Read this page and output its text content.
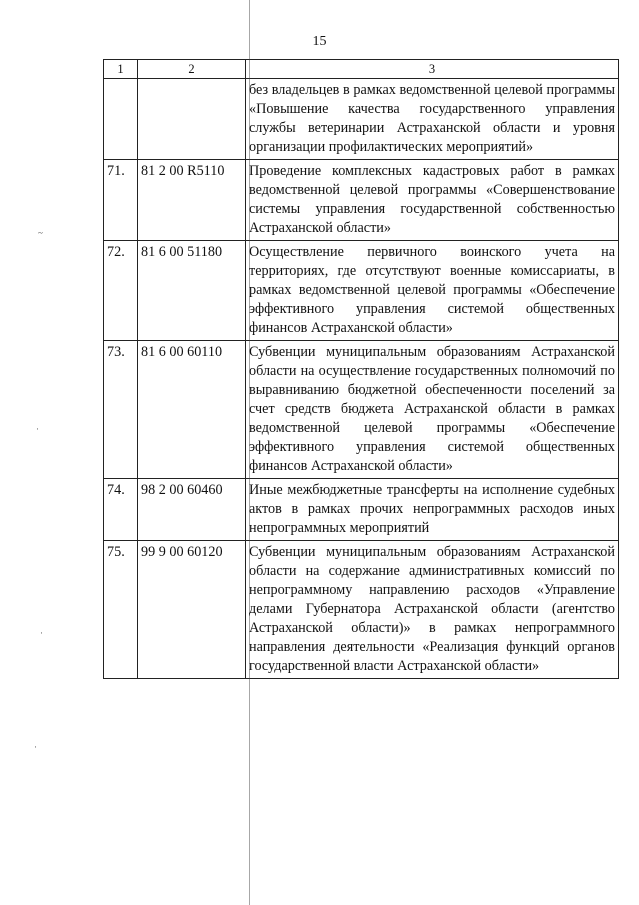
15
1	2	3
		без владельцев в рамках ведомственной целевой программы «Повышение качества государственного управления службы ветеринарии Астраханской области и уровня организации профилактических мероприятий»
71.	81 2 00 R5110	Проведение комплексных кадастровых работ в рамках ведомственной целевой программы «Совершенствование системы управления государственной собственностью Астраханской области»
72.	81 6 00 51180	Осуществление первичного воинского учета на территориях, где отсутствуют военные комиссариаты, в рамках ведомственной целевой программы «Обеспечение эффективного управления системой общественных финансов Астраханской области»
73.	81 6 00 60110	Субвенции муниципальным образованиям Астраханской области на осуществление государственных полномочий по выравниванию бюджетной обеспеченности поселений за счет средств бюджета Астраханской области в рамках ведомственной целевой программы «Обеспечение эффективного управления системой общественных финансов Астраханской области»
74.	98 2 00 60460	Иные межбюджетные трансферты на исполнение судебных актов в рамках прочих непрограммных расходов иных непрограммных мероприятий
75.	99 9 00 60120	Субвенции муниципальным образованиям Астраханской области на содержание административных комиссий по непрограммному направлению расходов «Управление делами Губернатора Астраханской области (агентство Астраханской области)» в рамках непрограммного направления деятельности «Реализация функций органов государственной власти Астраханской области»
~
·
·
·
